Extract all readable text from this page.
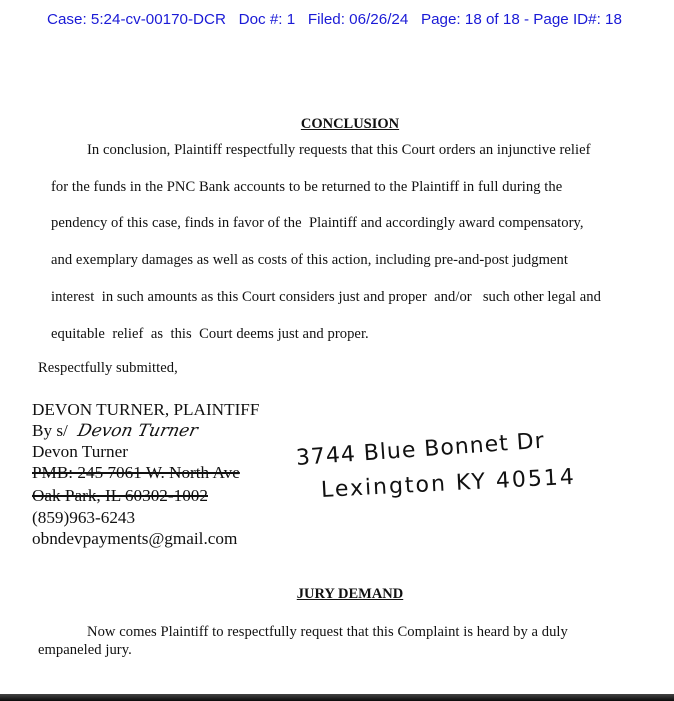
Case: 5:24-cv-00170-DCR   Doc #: 1   Filed: 06/26/24   Page: 18 of 18 - Page ID#: 18
CONCLUSION
In conclusion, Plaintiff respectfully requests that this Court orders an injunctive relief
for the funds in the PNC Bank accounts to be returned to the Plaintiff in full during the
pendency of this case, finds in favor of the  Plaintiff and accordingly award compensatory,
and exemplary damages as well as costs of this action, including pre-and-post judgment
interest  in such amounts as this Court considers just and proper  and/or   such other legal and
equitable  relief  as  this  Court deems just and proper.
Respectfully submitted,
DEVON TURNER, PLAINTIFF
By s/ Devon Turner
Devon Turner
PMB: 245 7061 W. North Ave
Oak Park, IL 60302-1002
(859)963-6243
obndevpayments@gmail.com
3744 Blue Bonnet Dr
Lexington KY 40514
JURY DEMAND
Now comes Plaintiff to respectfully request that this Complaint is heard by a duly
empaneled jury.
